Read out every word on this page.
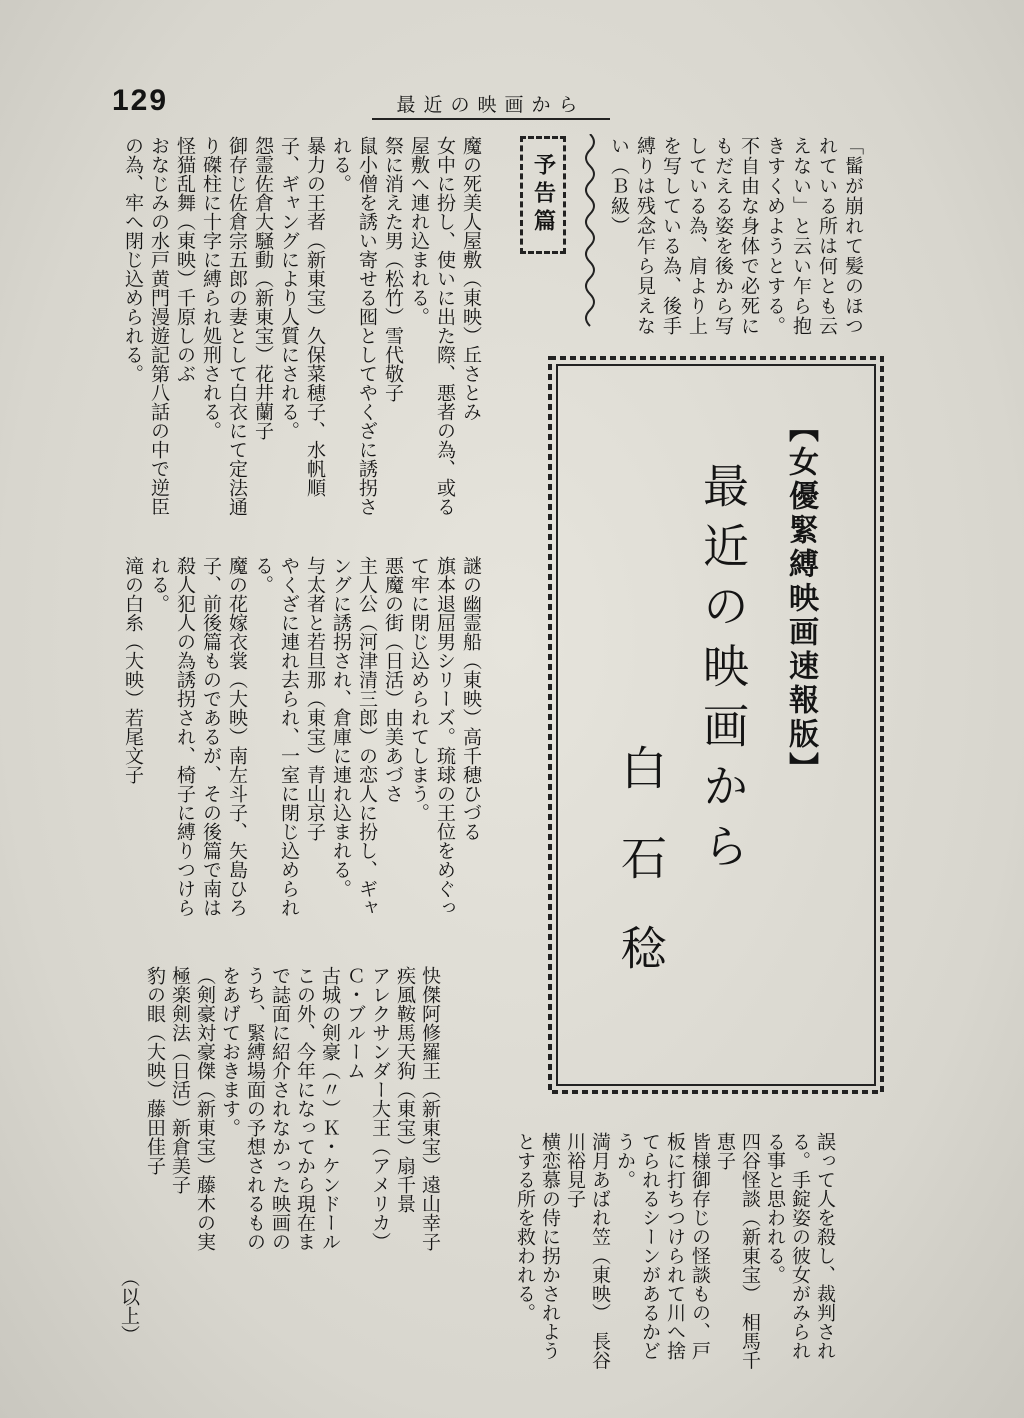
129	最近の映画から
「髷が崩れて髪のほつれている所は何とも云えない」と云い乍ら抱きすくめようとする。不自由な身体で必死にもだえる姿を後から写している為、肩より上を写している為、後手縛りは残念乍ら見えない（Ｂ級）
予告篇
【女優緊縛映画速報版】
最近の映画から
白石稔
魔の死美人屋敷（東映）丘さとみ
女中に扮し、使いに出た際、悪者の為、或る屋敷へ連れ込まれる。
祭に消えた男（松竹）雪代敬子
鼠小僧を誘い寄せる囮としてやくざに誘拐される。
暴力の王者（新東宝）久保菜穂子、水帆順子、ギャングにより人質にされる。
怨霊佐倉大騒動（新東宝）花井蘭子
御存じ佐倉宗五郎の妻として白衣にて定法通り磔柱に十字に縛られ処刑される。
怪猫乱舞（東映）千原しのぶ
おなじみの水戸黄門漫遊記第八話の中で逆臣の為、牢へ閉じ込められる。
謎の幽霊船（東映）高千穂ひづる
旗本退屈男シリーズ。琉球の王位をめぐって牢に閉じ込められてしまう。
悪魔の街（日活）由美あづさ
主人公（河津清三郎）の恋人に扮し、ギャングに誘拐され、倉庫に連れ込まれる。
与太者と若旦那（東宝）青山京子
やくざに連れ去られ、一室に閉じ込められる。
魔の花嫁衣裳（大映）南左斗子、矢島ひろ子、前後篇ものであるが、その後篇で南は殺人犯人の為誘拐され、椅子に縛りつけられる。
滝の白糸（大映）若尾文子
誤って人を殺し、裁判される。手錠姿の彼女がみられる事と思われる。
四谷怪談（新東宝）　相馬千恵子
皆様御存じの怪談もの、戸板に打ちつけられて川へ捨てられるシーンがあるかどうか。
満月あばれ笠（東映）　長谷川裕見子
横恋慕の侍に拐かされようとする所を救われる。
快傑阿修羅王（新東宝）遠山幸子
疾風鞍馬天狗（東宝）扇千景
アレクサンダー大王（アメリカ）Ｃ・ブルーム
古城の剣豪（〃）Ｋ・ケンドール
この外、今年になってから現在まで誌面に紹介されなかった映画のうち、緊縛場面の予想されるものをあげておきます。
（剣豪対豪傑（新東宝）藤木の実
極楽剣法（日活）新倉美子
豹の眼（大映）藤田佳子
（以上）
